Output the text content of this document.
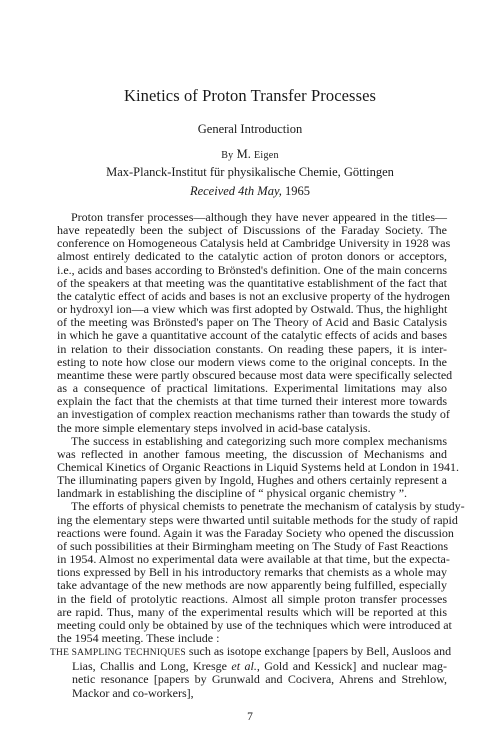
Kinetics of Proton Transfer Processes
General Introduction
By M. Eigen
Max-Planck-Institut für physikalische Chemie, Göttingen
Received 4th May, 1965
Proton transfer processes—although they have never appeared in the titles—
have repeatedly been the subject of Discussions of the Faraday Society. The
conference on Homogeneous Catalysis held at Cambridge University in 1928 was
almost entirely dedicated to the catalytic action of proton donors or acceptors,
i.e., acids and bases according to Brönsted's definition. One of the main concerns
of the speakers at that meeting was the quantitative establishment of the fact that
the catalytic effect of acids and bases is not an exclusive property of the hydrogen
or hydroxyl ion—a view which was first adopted by Ostwald. Thus, the highlight
of the meeting was Brönsted's paper on The Theory of Acid and Basic Catalysis
in which he gave a quantitative account of the catalytic effects of acids and bases
in relation to their dissociation constants. On reading these papers, it is inter-
esting to note how close our modern views come to the original concepts. In the
meantime these were partly obscured because most data were specifically selected
as a consequence of practical limitations. Experimental limitations may also
explain the fact that the chemists at that time turned their interest more towards
an investigation of complex reaction mechanisms rather than towards the study of
the more simple elementary steps involved in acid-base catalysis.
The success in establishing and categorizing such more complex mechanisms
was reflected in another famous meeting, the discussion of Mechanisms and
Chemical Kinetics of Organic Reactions in Liquid Systems held at London in 1941.
The illuminating papers given by Ingold, Hughes and others certainly represent a
landmark in establishing the discipline of “ physical organic chemistry ”.
The efforts of physical chemists to penetrate the mechanism of catalysis by study-
ing the elementary steps were thwarted until suitable methods for the study of rapid
reactions were found. Again it was the Faraday Society who opened the discussion
of such possibilities at their Birmingham meeting on The Study of Fast Reactions
in 1954. Almost no experimental data were available at that time, but the expecta-
tions expressed by Bell in his introductory remarks that chemists as a whole may
take advantage of the new methods are now apparently being fulfilled, especially
in the field of protolytic reactions. Almost all simple proton transfer processes
are rapid. Thus, many of the experimental results which will be reported at this
meeting could only be obtained by use of the techniques which were introduced at
the 1954 meeting. These include :
THE SAMPLING TECHNIQUES such as isotope exchange [papers by Bell, Ausloos and
Lias, Challis and Long, Kresge et al., Gold and Kessick] and nuclear mag-
netic resonance [papers by Grunwald and Cocivera, Ahrens and Strehlow,
Mackor and co-workers],
7
